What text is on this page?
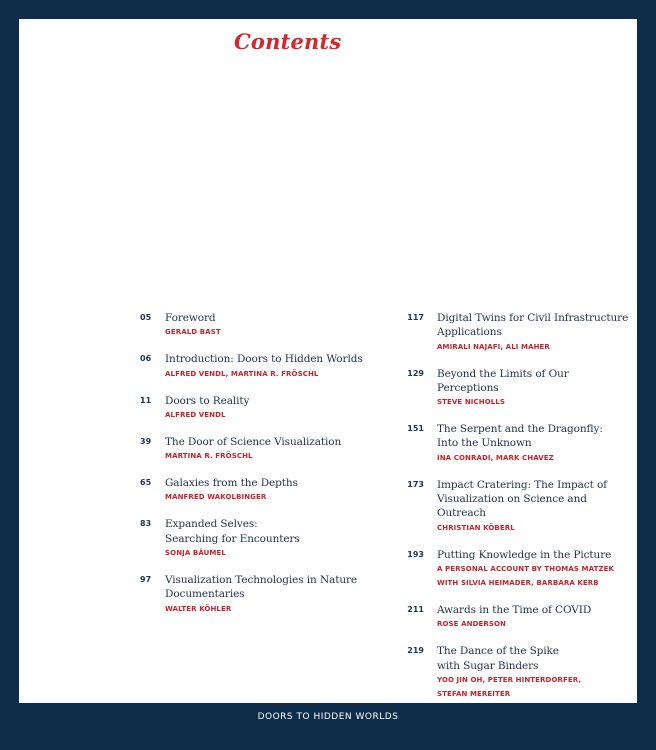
Contents
05 Foreword
GERALD BAST
06 Introduction: Doors to Hidden Worlds
ALFRED VENDL, MARTINA R. FRÖSCHL
11 Doors to Reality
ALFRED VENDL
39 The Door of Science Visualization
MARTINA R. FRÖSCHL
65 Galaxies from the Depths
MANFRED WAKOLBINGER
83 Expanded Selves:
Searching for Encounters
SONJA BÄUMEL
97 Visualization Technologies in Nature
Documentaries
WALTER KÖHLER
117 Digital Twins for Civil Infrastructure
Applications
AMIRALI NAJAFI, ALI MAHER
129 Beyond the Limits of Our Perceptions
STEVE NICHOLLS
151 The Serpent and the Dragonfly:
Into the Unknown
INA CONRADI, MARK CHAVEZ
173 Impact Cratering: The Impact of
Visualization on Science and Outreach
CHRISTIAN KÖBERL
193 Putting Knowledge in the Picture
A PERSONAL ACCOUNT BY THOMAS MATZEK
WITH SILVIA HEIMADER, BARBARA KERB
211 Awards in the Time of COVID
ROSE ANDERSON
219 The Dance of the Spike
with Sugar Binders
YOO JIN OH, PETER HINTERDORFER,
STEFAN MEREITER
DOORS TO HIDDEN WORLDS
